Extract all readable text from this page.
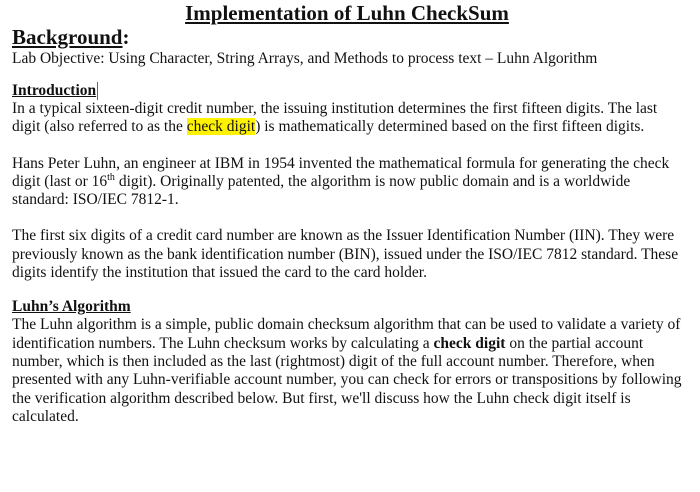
Implementation of Luhn CheckSum
Background:

Lab Objective: Using Character, String Arrays, and Methods to process text – Luhn Algorithm

Introduction

In a typical sixteen-digit credit number, the issuing institution determines the first fifteen digits. The last digit (also referred to as the check digit) is mathematically determined based on the first fifteen digits.

Hans Peter Luhn, an engineer at IBM in 1954 invented the mathematical formula for generating the check digit (last or 16th digit). Originally patented, the algorithm is now public domain and is a worldwide standard: ISO/IEC 7812-1.

The first six digits of a credit card number are known as the Issuer Identification Number (IIN). They were previously known as the bank identification number (BIN), issued under the ISO/IEC 7812 standard. These digits identify the institution that issued the card to the card holder.

Luhn’s Algorithm

The Luhn algorithm is a simple, public domain checksum algorithm that can be used to validate a variety of identification numbers. The Luhn checksum works by calculating a check digit on the partial account number, which is then included as the last (rightmost) digit of the full account number. Therefore, when presented with any Luhn-verifiable account number, you can check for errors or transpositions by following the verification algorithm described below. But first, we'll discuss how the Luhn check digit itself is calculated.
